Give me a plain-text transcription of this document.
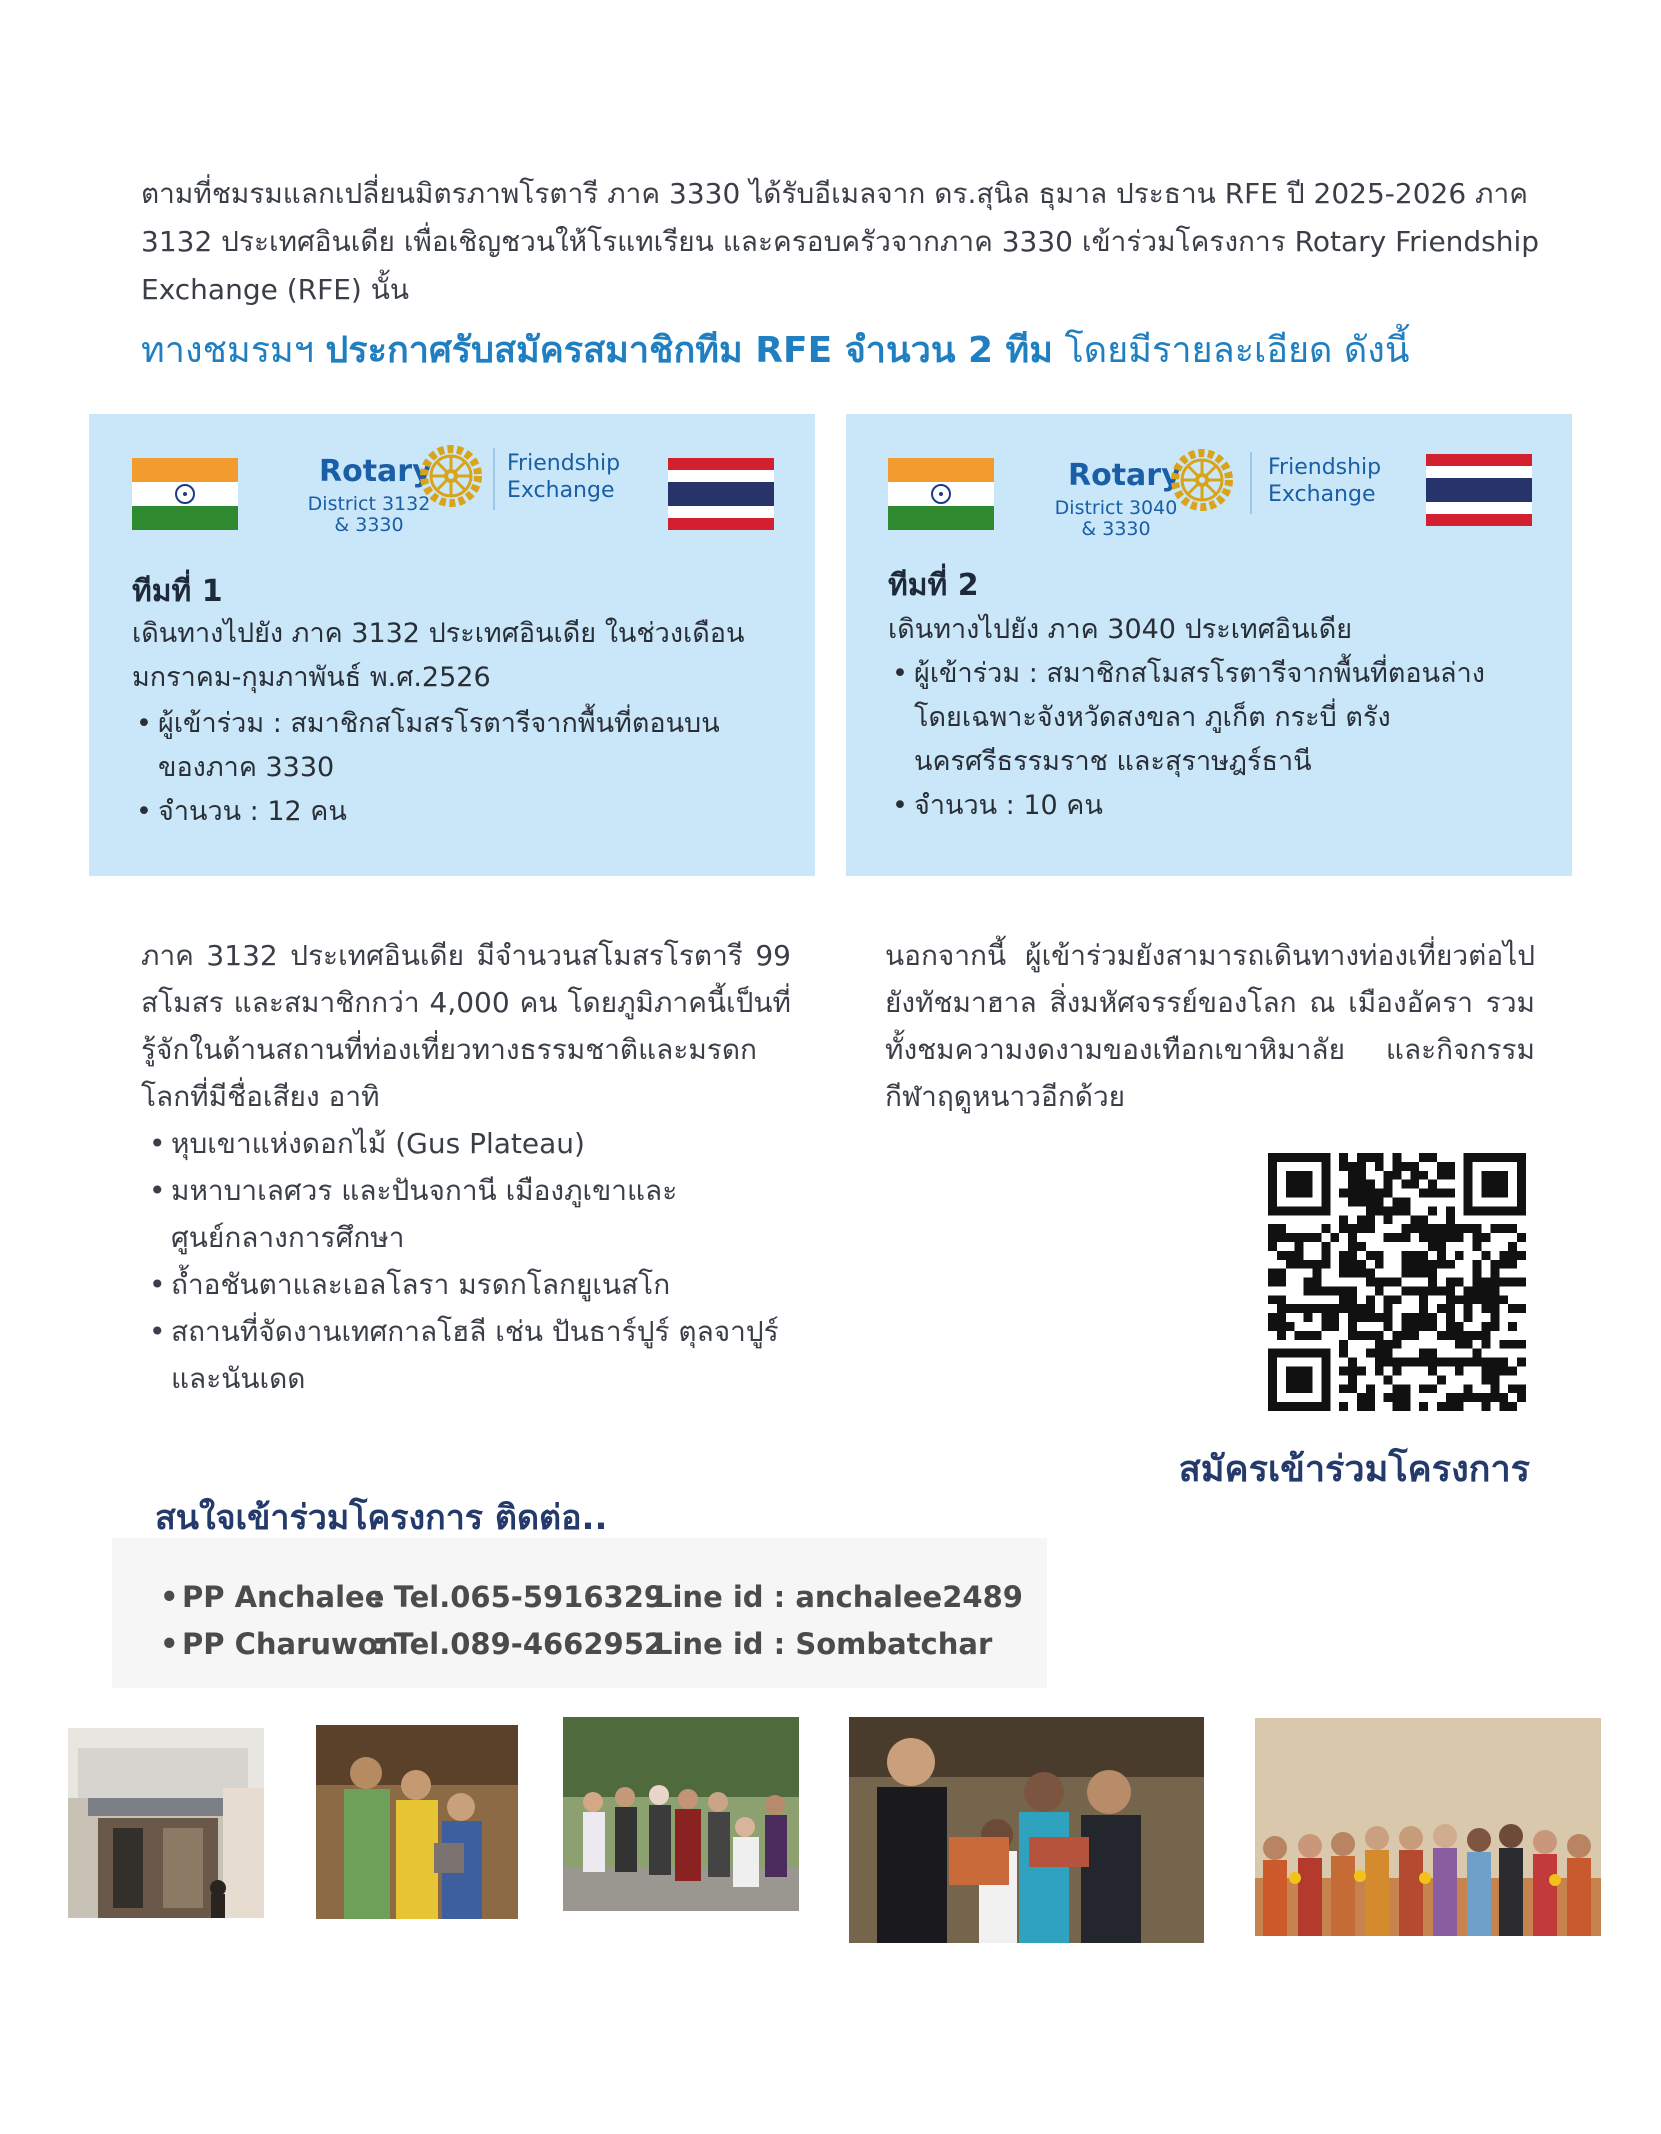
ตามที่ชมรมแลกเปลี่ยนมิตรภาพโรตารี ภาค 3330 ได้รับอีเมลจาก ดร.สุนิล ธุมาล ประธาน RFE ปี 2025-2026 ภาค 3132 ประเทศอินเดีย เพื่อเชิญชวนให้โรแทเรียน และครอบครัวจากภาค 3330 เข้าร่วมโครงการ Rotary Friendship Exchange (RFE) นั้น
ทางชมรมฯ ประกาศรับสมัครสมาชิกทีม RFE จำนวน 2 ทีม โดยมีรายละเอียด ดังนี้
Rotary
District 3132
& 3330
Friendship
Exchange
ทีมที่ 1
เดินทางไปยัง ภาค 3132 ประเทศอินเดีย ในช่วงเดือน
มกราคม-กุมภาพันธ์ พ.ศ.2526
• ผู้เข้าร่วม : สมาชิกสโมสรโรตารีจากพื้นที่ตอนบนของภาค 3330
• จำนวน : 12 คน
Rotary
District 3040
& 3330
Friendship
Exchange
ทีมที่ 2
เดินทางไปยัง ภาค 3040 ประเทศอินเดีย
• ผู้เข้าร่วม : สมาชิกสโมสรโรตารีจากพื้นที่ตอนล่าง โดยเฉพาะจังหวัดสงขลา ภูเก็ต กระบี่ ตรังนครศรีธรรมราช และสุราษฎร์ธานี
• จำนวน : 10 คน
ภาค 3132 ประเทศอินเดีย มีจำนวนสโมสรโรตารี 99 สโมสร และสมาชิกกว่า 4,000 คน โดยภูมิภาคนี้เป็นที่รู้จักในด้านสถานที่ท่องเที่ยวทางธรรมชาติและมรดกโลกที่มีชื่อเสียง อาทิ
• หุบเขาแห่งดอกไม้ (Gus Plateau)
• มหาบาเลศวร และปันจกานี เมืองภูเขาและศูนย์กลางการศึกษา
• ถ้ำอชันตาและเอลโลรา มรดกโลกยูเนสโก
• สถานที่จัดงานเทศกาลโฮลี เช่น ปันธาร์ปูร์ ตุลจาปูร์ และนันเดด
นอกจากนี้ ผู้เข้าร่วมยังสามารถเดินทางท่องเที่ยวต่อไปยังทัชมาฮาล สิ่งมหัศจรรย์ของโลก ณ เมืองอัครา รวมทั้งชมความงดงามของเทือกเขาหิมาลัย และกิจกรรมกีฬาฤดูหนาวอีกด้วย
สมัครเข้าร่วมโครงการ
สนใจเข้าร่วมโครงการ ติดต่อ..
• PP Anchalee: Tel.065-5916329Line id : anchalee2489
• PP Charuwon: Tel.089-4662952Line id : Sombatchar
